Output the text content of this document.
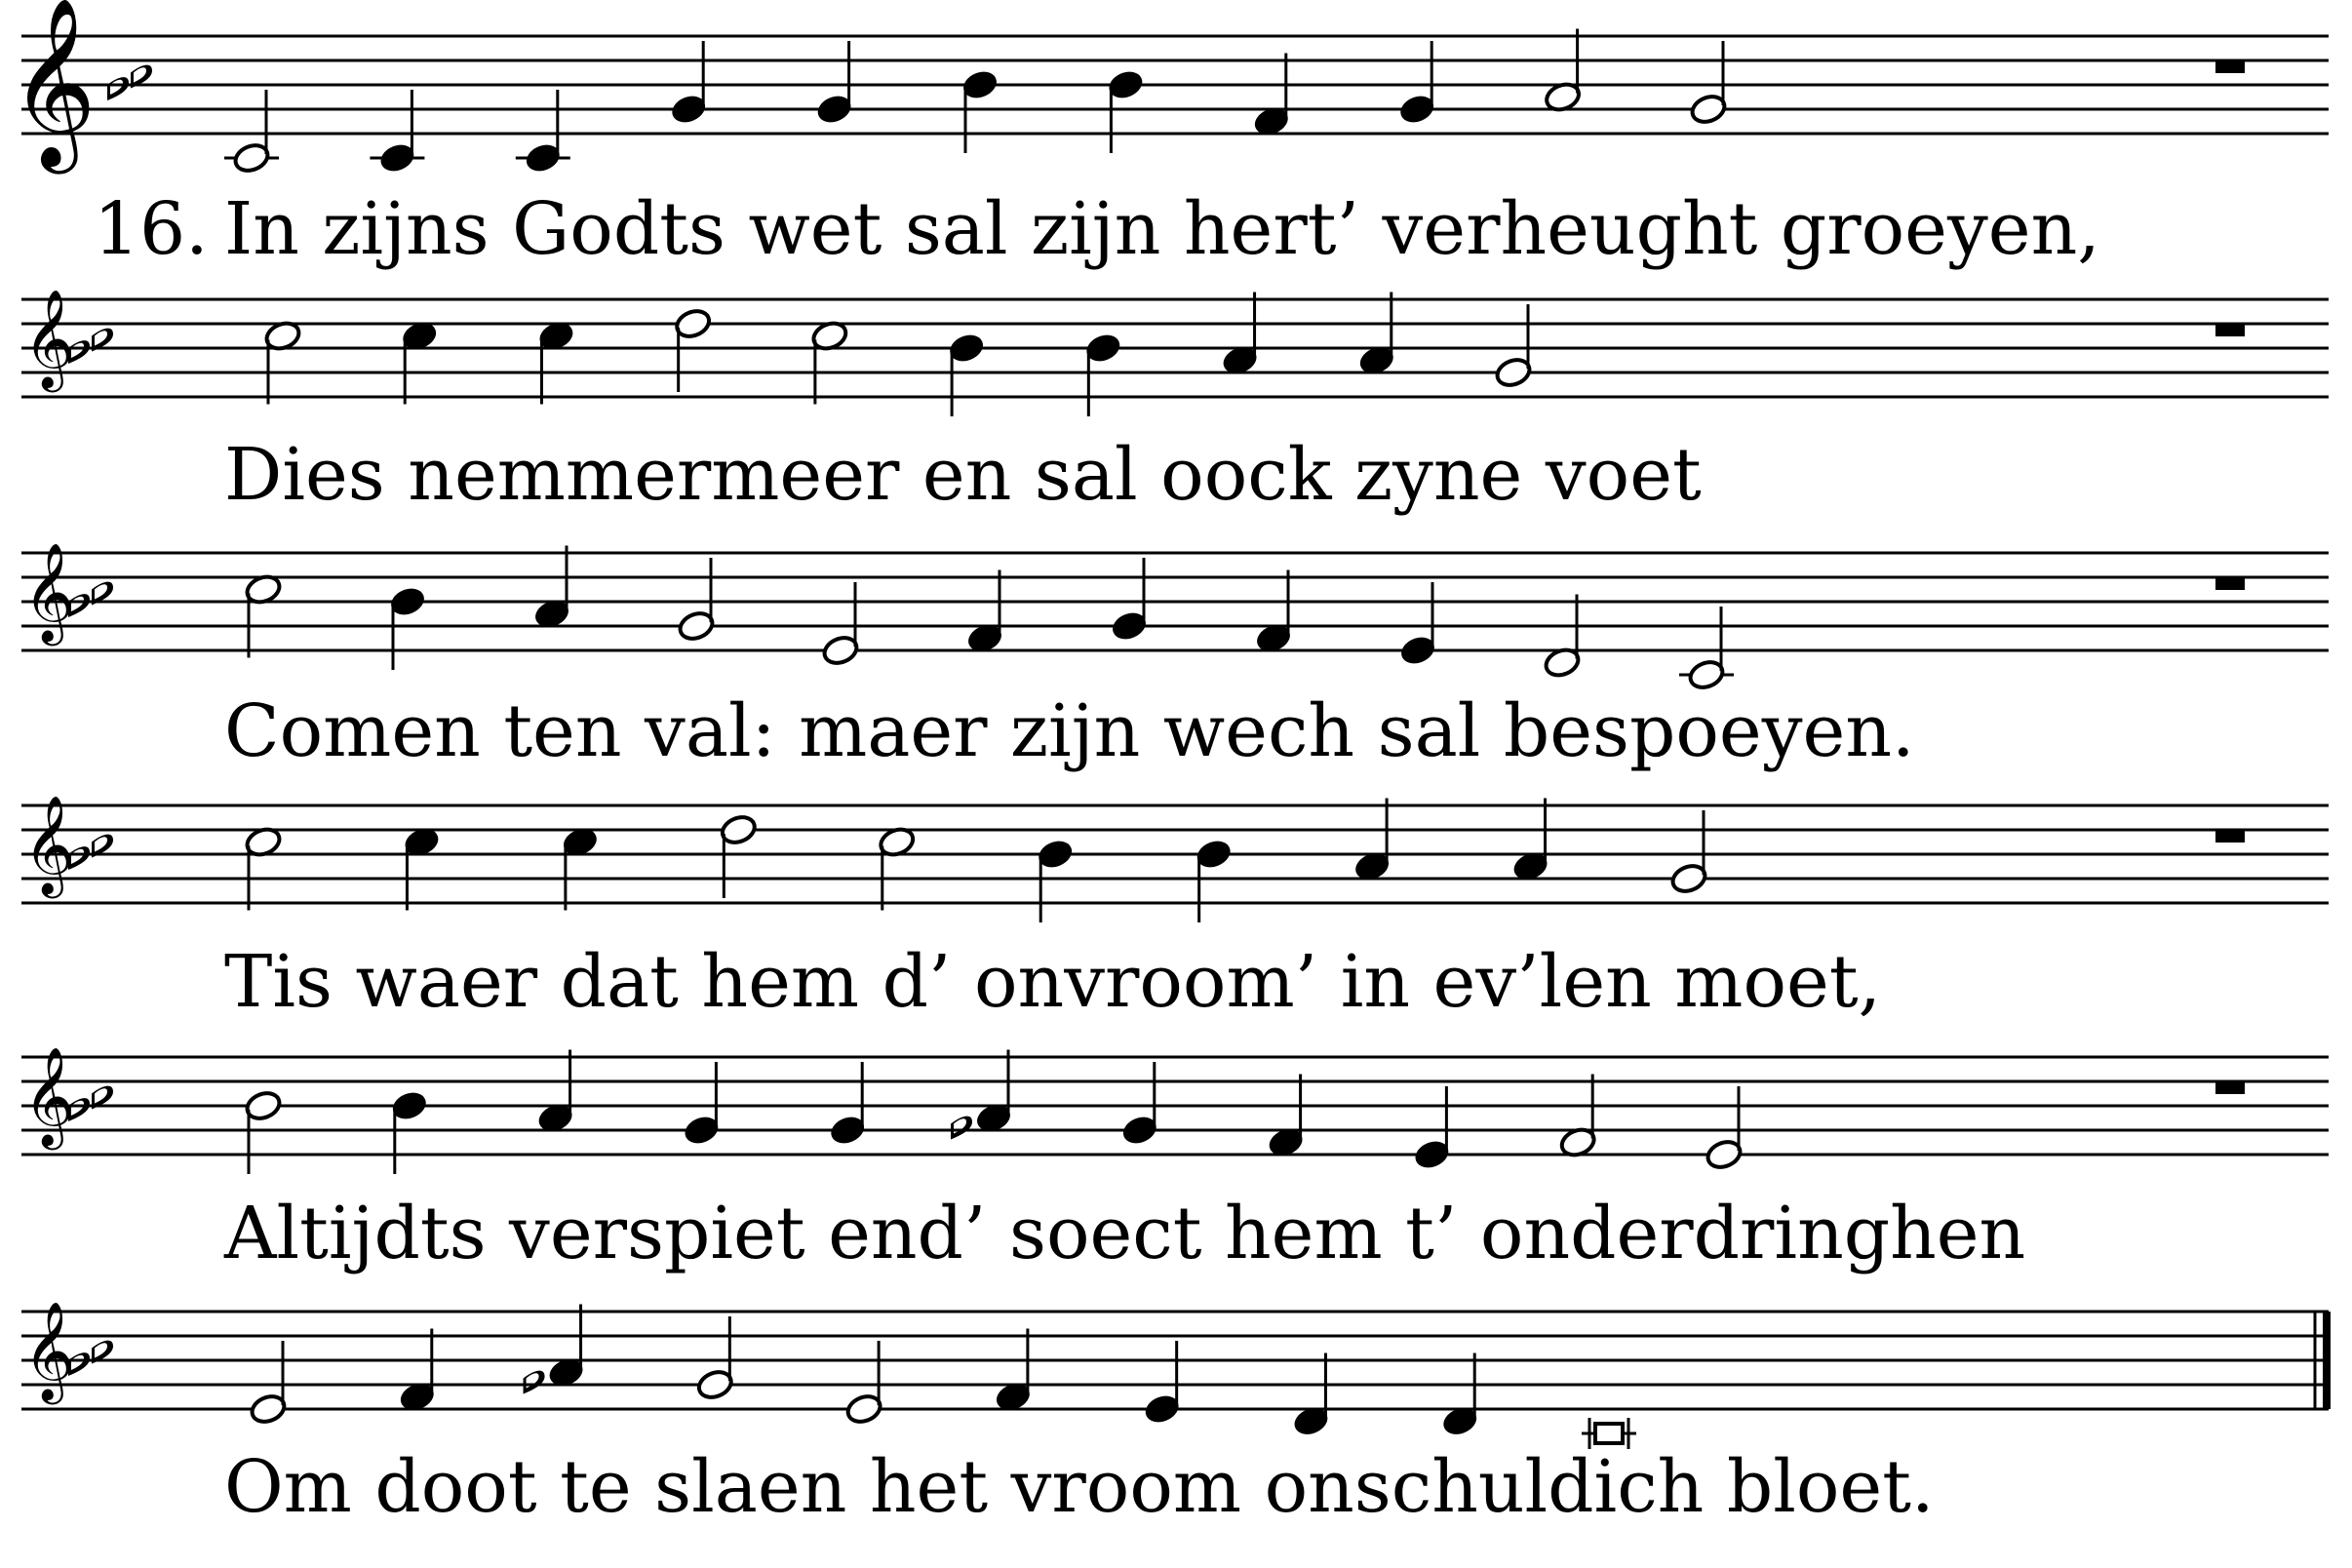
𝄞
𝄞
𝄞
𝄞
𝄞
𝄞
16. In zijns Godts wet sal zijn hert’ verheught groeyen,
Dies nemmermeer en sal oock zyne voet
Comen ten val: maer zijn wech sal bespoeyen.
Tis waer dat hem d’ onvroom’ in ev’len moet,
Altijdts verspiet end’ soect hem t’ onderdringhen
Om doot te slaen het vroom onschuldich bloet.
